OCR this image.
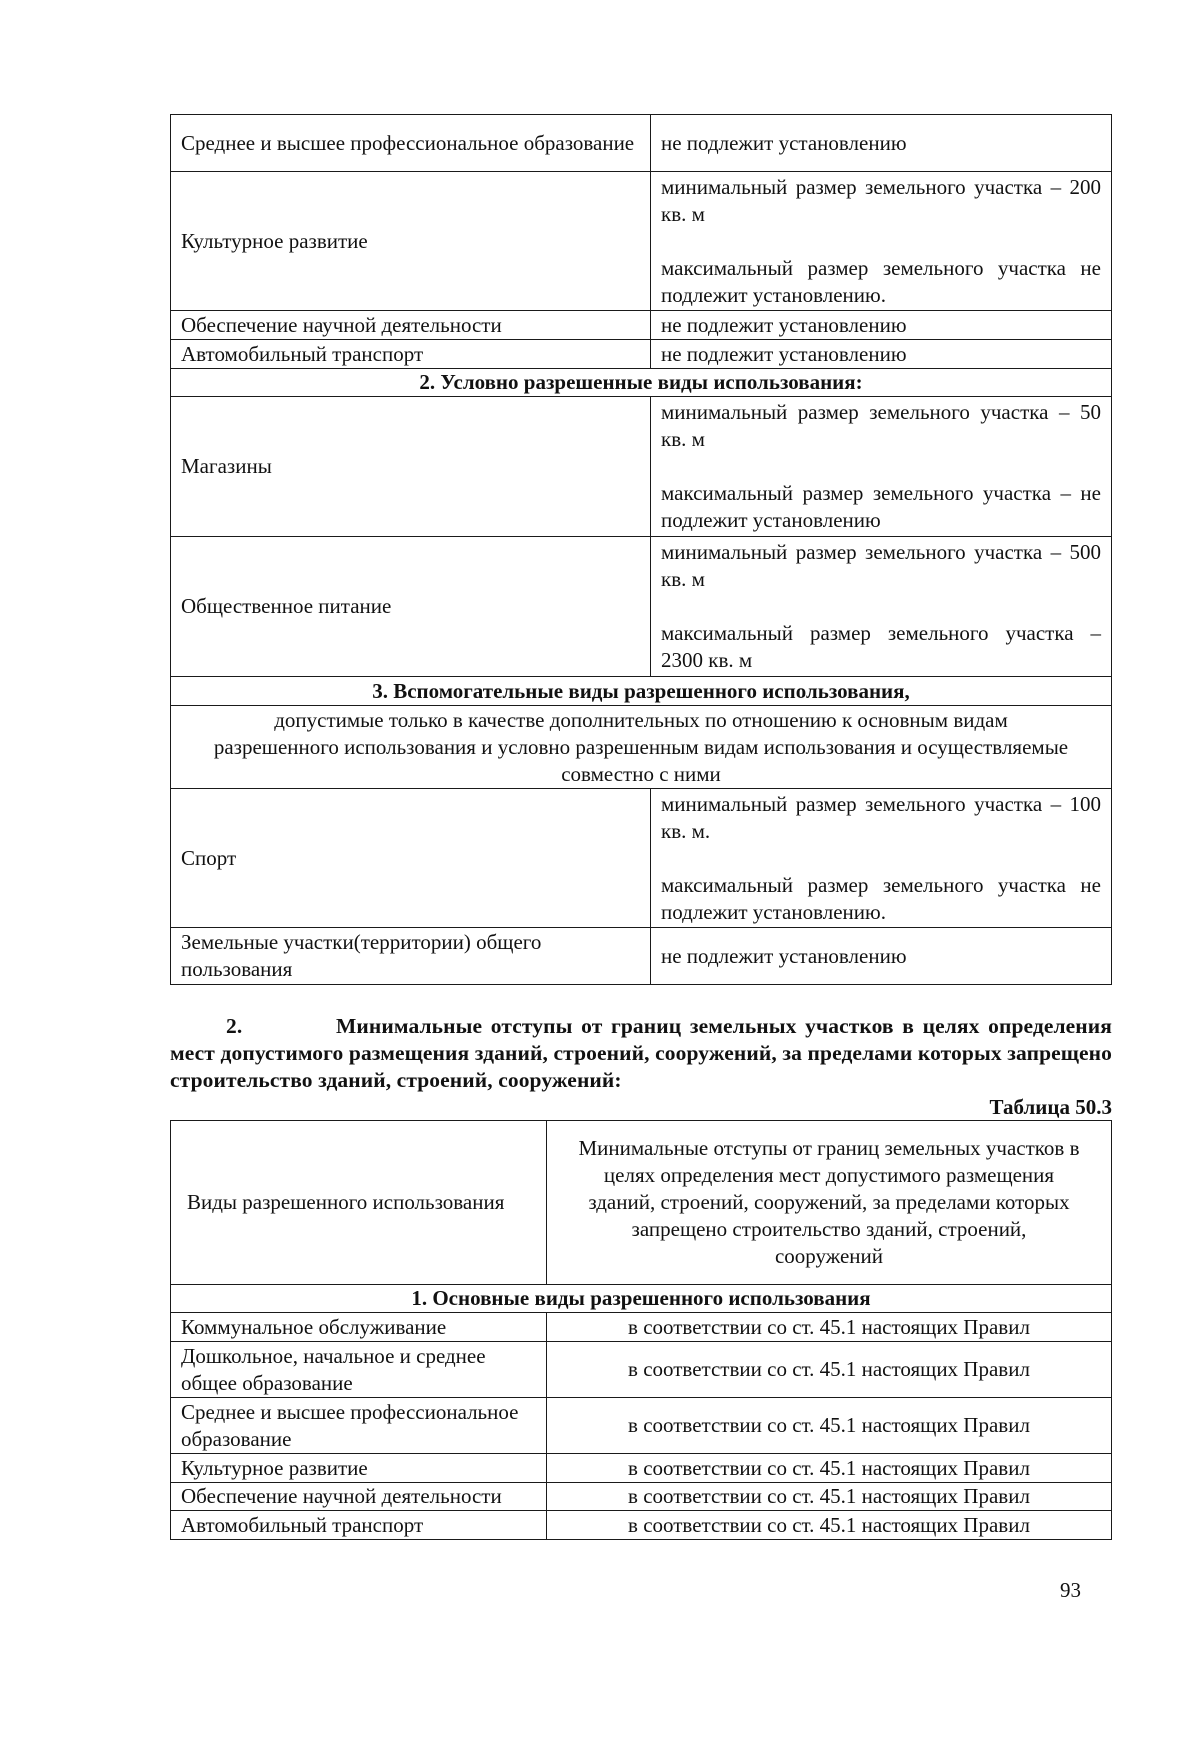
Среднее и высшее профессиональное образование	не подлежит установлению
Культурное развитие	минимальный размер земельного участка – 200 кв. м
максимальный размер земельного участка не подлежит установлению.

Обеспечение научной деятельности	не подлежит установлению
Автомобильный транспорт	не подлежит установлению
2. Условно разрешенные виды использования:	
Магазины	минимальный размер земельного участка – 50 кв. м
максимальный размер земельного участка – не подлежит установлению

Общественное питание	минимальный размер земельного участка – 500 кв. м
максимальный размер земельного участка – 2300 кв. м

3. Вспомогательные виды разрешенного использования,	
допустимые только в качестве дополнительных по отношению к основным видам разрешенного использования и условно разрешенным видам использования и осуществляемые совместно с ними	
Спорт	минимальный размер земельного участка – 100 кв. м.
максимальный размер земельного участка не подлежит установлению.

Земельные участки(территории) общего пользования	не подлежит установлению
2.	Минимальные отступы от границ земельных участков в целях определения мест допустимого размещения зданий, строений, сооружений, за пределами которых запрещено строительство зданий, строений, сооружений:
Таблица 50.3
Виды разрешенного использования	Минимальные отступы от границ земельных участков в целях определения мест допустимого размещения зданий, строений, сооружений, за пределами которых запрещено строительство зданий, строений,
сооружений

1. Основные виды разрешенного использования	
Коммунальное обслуживание	в соответствии со ст. 45.1 настоящих Правил
Дошкольное, начальное и среднее общее образование	в соответствии со ст. 45.1 настоящих Правил
Среднее и высшее профессиональное образование	в соответствии со ст. 45.1 настоящих Правил
Культурное развитие	в соответствии со ст. 45.1 настоящих Правил
Обеспечение научной деятельности	в соответствии со ст. 45.1 настоящих Правил
Автомобильный транспорт	в соответствии со ст. 45.1 настоящих Правил
93
